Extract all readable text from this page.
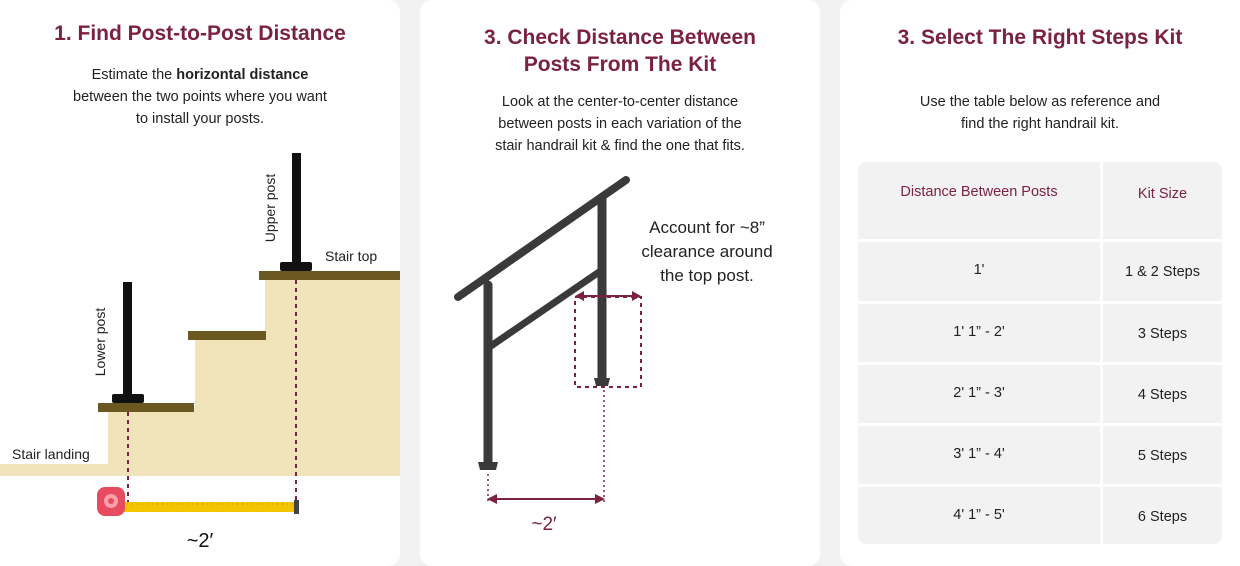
1. Find Post-to-Post Distance
Estimate the horizontal distance
between the two points where you want
to install your posts.
Upper post
Lower post
Stair top
Stair landing
~2′
3. Check Distance Between
Posts From The Kit
Look at the center-to-center distance
between posts in each variation of the
stair handrail kit & find the one that fits.
~2′
Account for ~8”
clearance around
the top post.
3. Select The Right Steps Kit
Use the table below as reference and
find the right handrail kit.
Distance Between Posts	Kit Size
1'	1 & 2 Steps
1' 1” - 2'	3 Steps
2' 1” - 3'	4 Steps
3' 1” - 4'	5 Steps
4' 1” - 5'	6 Steps
